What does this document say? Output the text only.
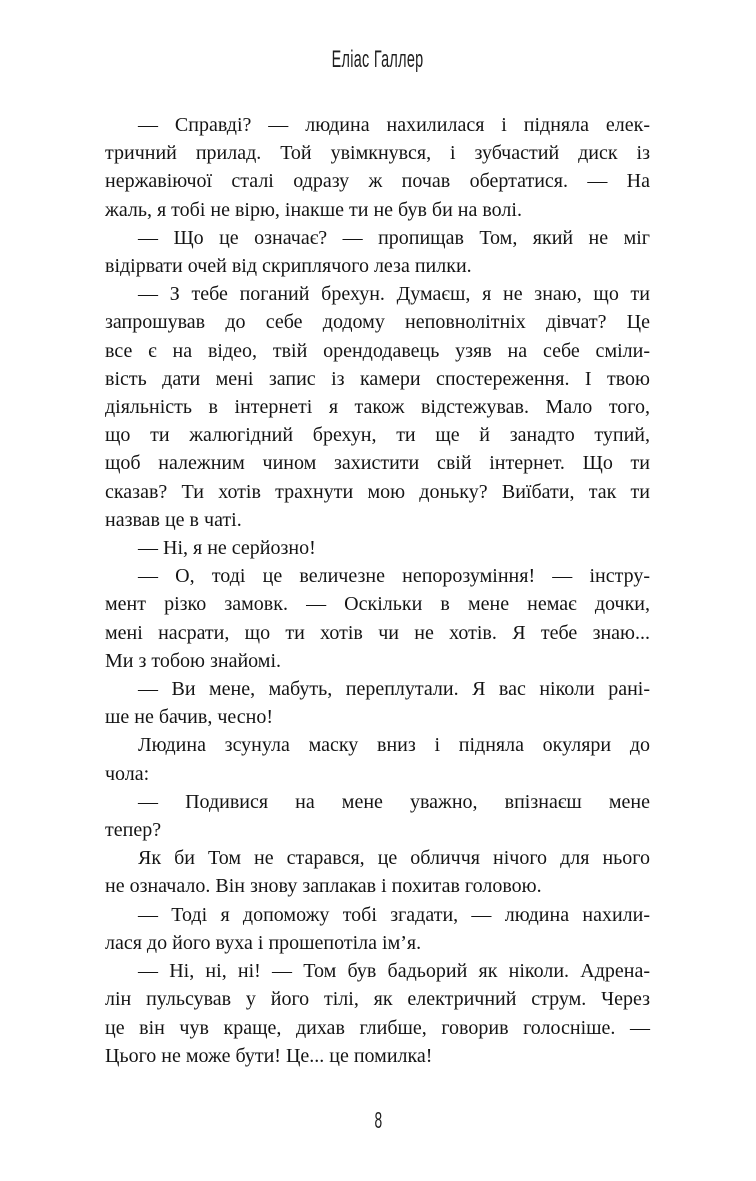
Еліас Галлер
— Справді? — людина нахилилася і підняла елек-
тричний прилад. Той увімкнувся, і зубчастий диск із
нержавіючої сталі одразу ж почав обертатися. — На
жаль, я тобі не вірю, інакше ти не був би на волі.
— Що це означає? — пропищав Том, який не міг
відірвати очей від скриплячого леза пилки.
— З тебе поганий брехун. Думаєш, я не знаю, що ти
запрошував до себе додому неповнолітніх дівчат? Це
все є на відео, твій орендодавець узяв на себе сміли-
вість дати мені запис із камери спостереження. І твою
діяльність в інтернеті я також відстежував. Мало того,
що ти жалюгідний брехун, ти ще й занадто тупий,
щоб належним чином захистити свій інтернет. Що ти
сказав? Ти хотів трахнути мою доньку? Виїбати, так ти
назвав це в чаті.
— Ні, я не серйозно!
— О, тоді це величезне непорозуміння! — інстру-
мент різко замовк. — Оскільки в мене немає дочки,
мені насрати, що ти хотів чи не хотів. Я тебе знаю...
Ми з тобою знайомі.
— Ви мене, мабуть, переплутали. Я вас ніколи рані-
ше не бачив, чесно!
Людина зсунула маску вниз і підняла окуляри до
чола:
— Подивися на мене уважно, впізнаєш мене
тепер?
Як би Том не старався, це обличчя нічого для нього
не означало. Він знову заплакав і похитав головою.
— Тоді я допоможу тобі згадати, — людина нахили-
лася до його вуха і прошепотіла ім’я.
— Ні, ні, ні! — Том був бадьорий як ніколи. Адрена-
лін пульсував у його тілі, як електричний струм. Через
це він чув краще, дихав глибше, говорив голосніше. —
Цього не може бути! Це... це помилка!
8
